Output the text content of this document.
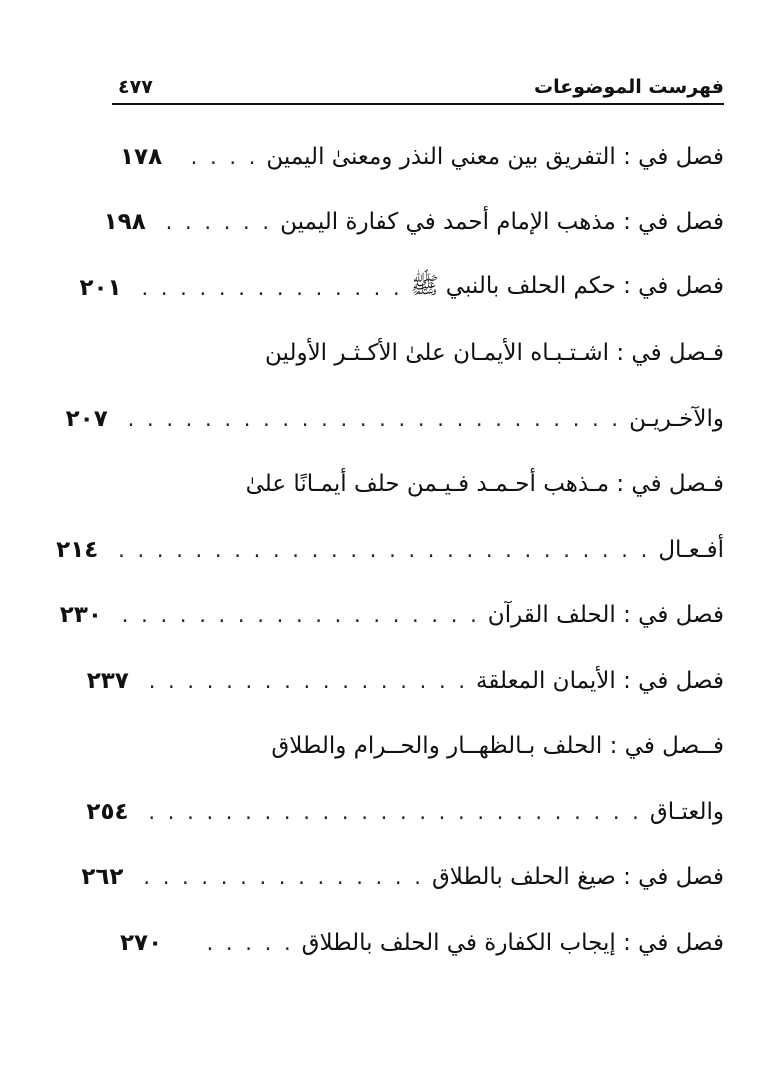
فهرست الموضوعات
٤٧٧
فصل في : التفريق بين معني النذر ومعنىٰ اليمين
. . . .
١٧٨
فصل في : مذهب الإمام أحمد في كفارة اليمين
. . . . . .
١٩٨
فصل في : حكم الحلف بالنبي ﷺ
. . . . . . . . . . . . . .
٢٠١
فـصل في : اشـتـبـاه الأيمـان علىٰ الأكـثـر الأولين
والآخـريـن
. . . . . . . . . . . . . . . . . . . . . . . . . .
٢٠٧
فـصل في : مـذهب أحـمـد فـيـمن حلف أيمـانًا علىٰ
أفـعـال
. . . . . . . . . . . . . . . . . . . . . . . . . . . .
٢١٤
فصل في : الحلف القرآن
. . . . . . . . . . . . . . . . . . .
٢٣٠
فصل في : الأيمان المعلقة
. . . . . . . . . . . . . . . . .
٢٣٧
فــصل في : الحلف بـالظهــار والحــرام والطلاق
والعتـاق
. . . . . . . . . . . . . . . . . . . . . . . . . .
٢٥٤
فصل في : صيغ الحلف بالطلاق
. . . . . . . . . . . . . . .
٢٦٢
فصل في : إيجاب الكفارة في الحلف بالطلاق
. . . . .
٢٧٠
